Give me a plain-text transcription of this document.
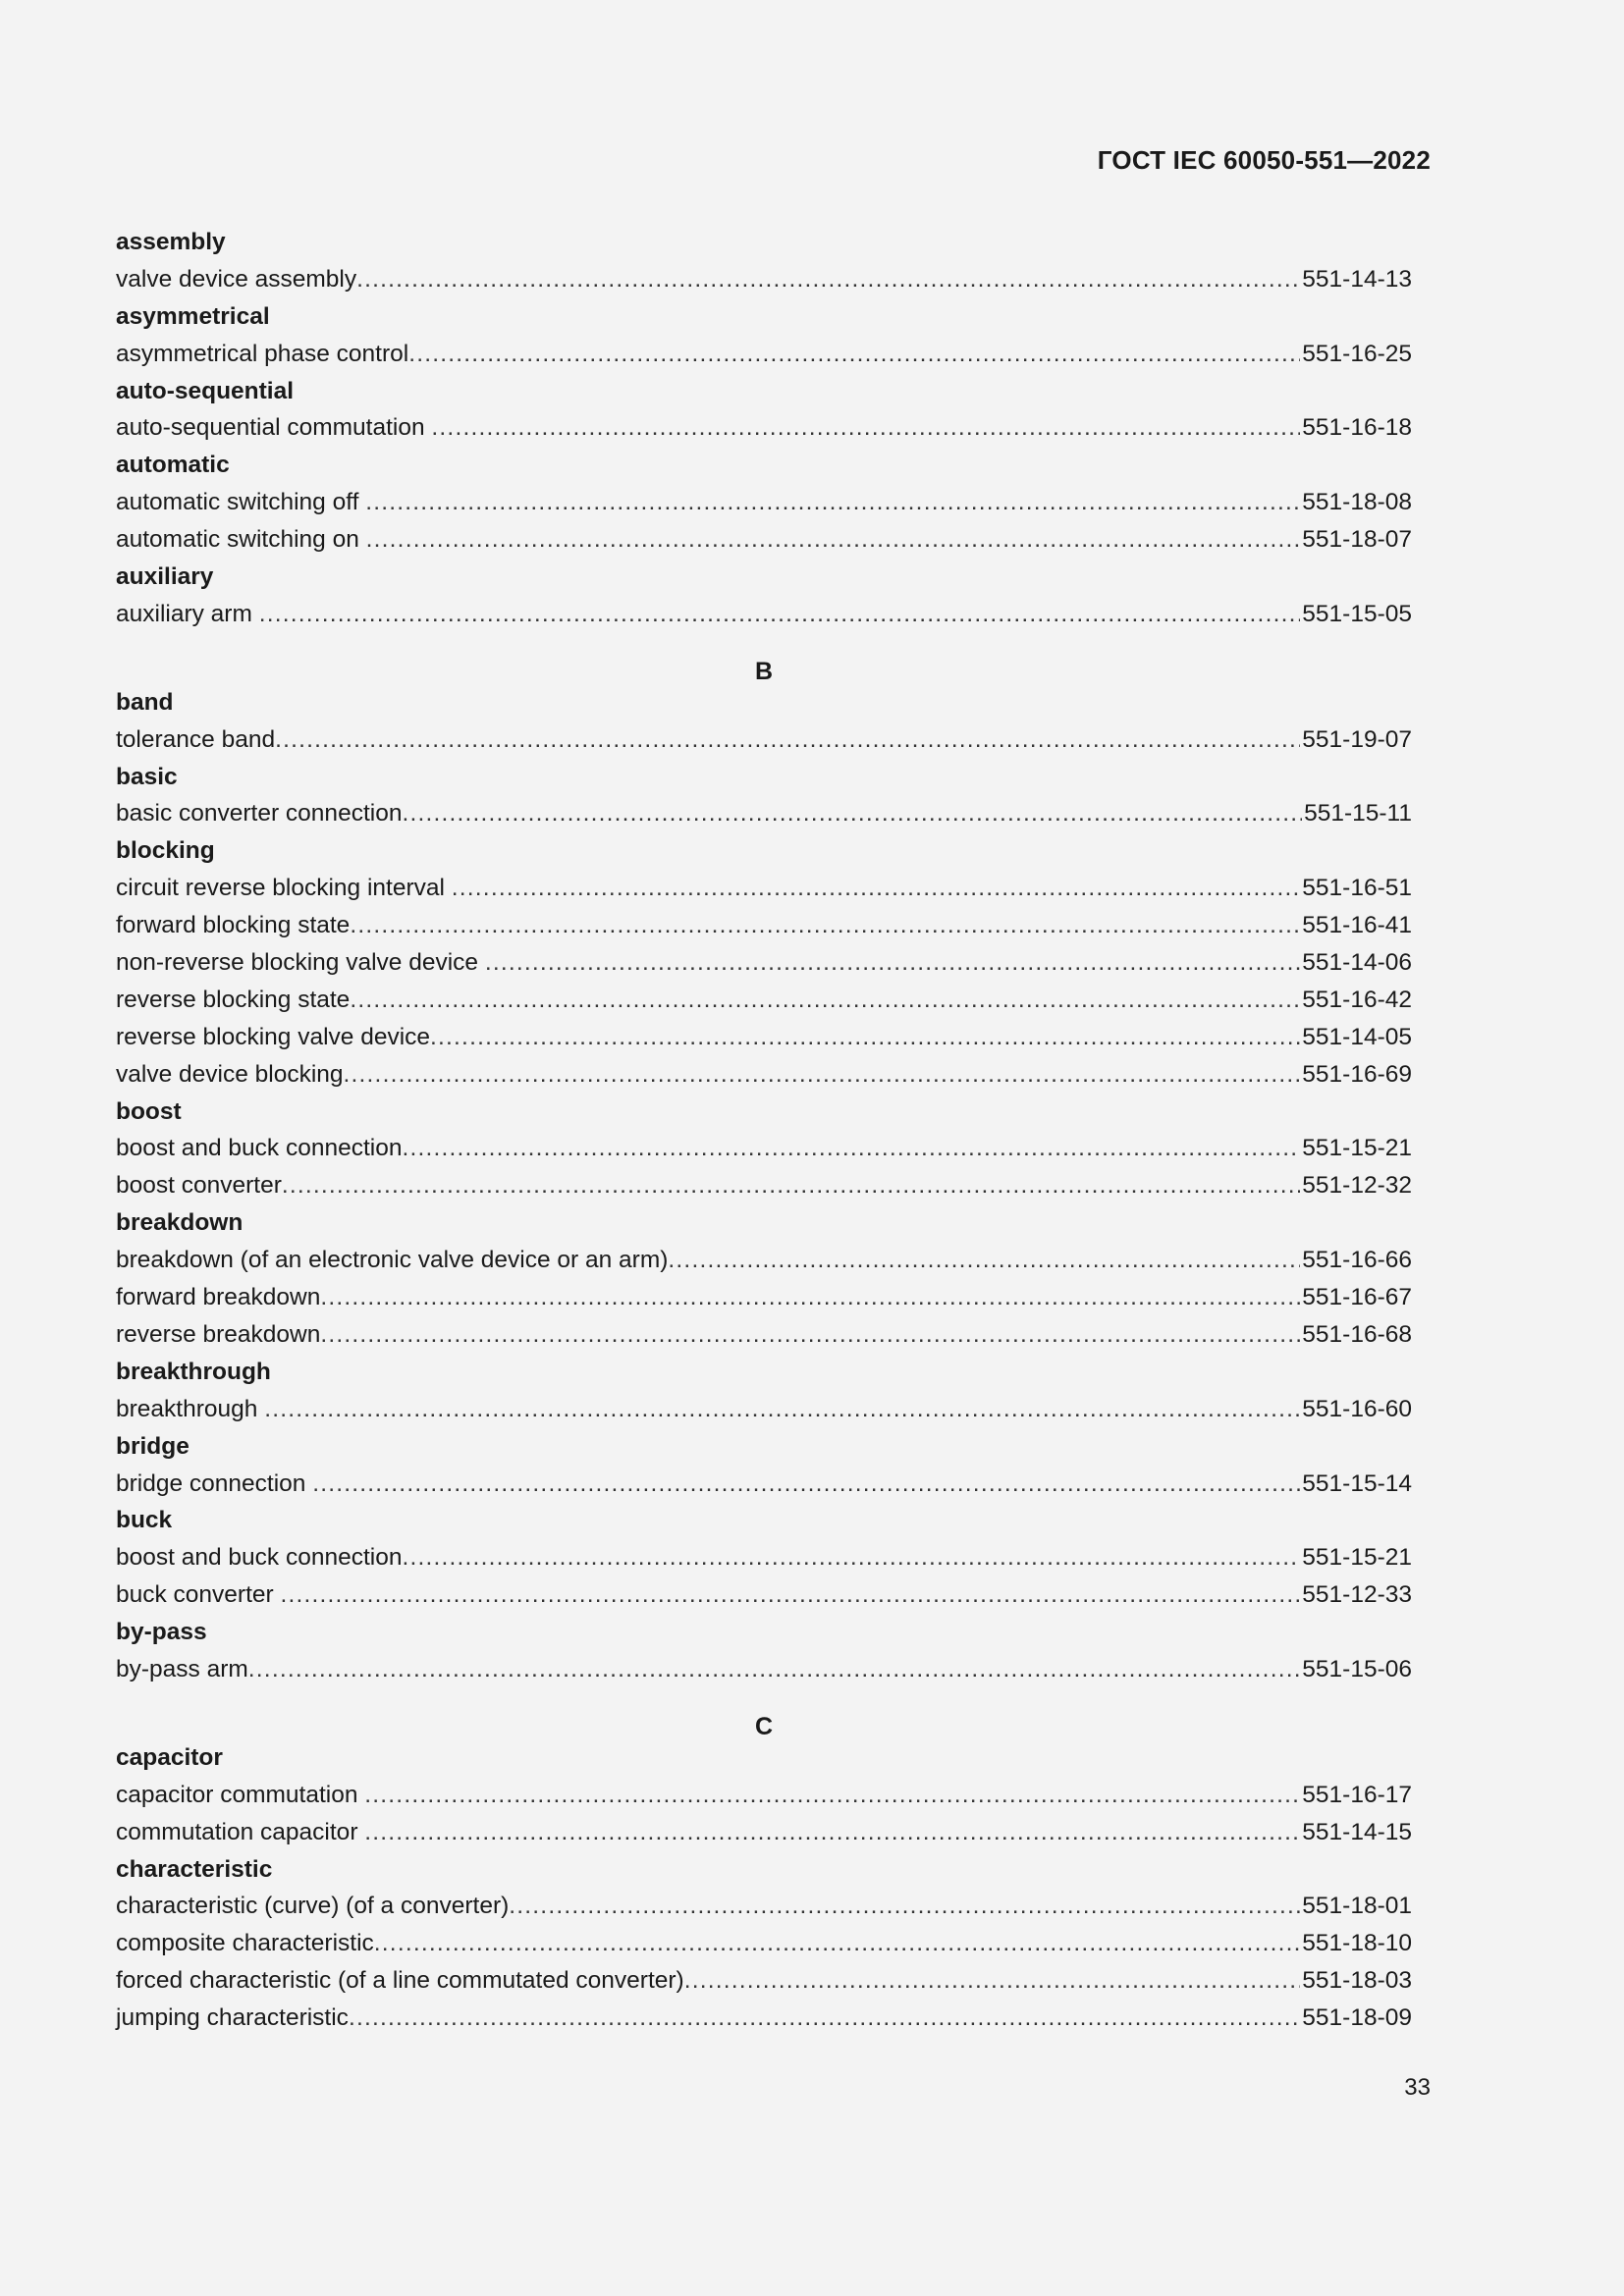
ГОСТ IEC 60050-551—2022
assembly
valve device assembly .....	551-14-13
asymmetrical
asymmetrical phase control .....	551-16-25
auto-sequential
auto-sequential commutation .....	551-16-18
automatic
automatic switching off .....	551-18-08
automatic switching on .....	551-18-07
auxiliary
auxiliary arm .....	551-15-05
B
band
tolerance band .....	551-19-07
basic
basic converter connection .....	551-15-11
blocking
circuit reverse blocking interval .....	551-16-51
forward blocking state .....	551-16-41
non-reverse blocking valve device .....	551-14-06
reverse blocking state .....	551-16-42
reverse blocking valve device .....	551-14-05
valve device blocking .....	551-16-69
boost
boost and buck connection .....	551-15-21
boost converter .....	551-12-32
breakdown
breakdown (of an electronic valve device or an arm) .....	551-16-66
forward breakdown .....	551-16-67
reverse breakdown .....	551-16-68
breakthrough
breakthrough .....	551-16-60
bridge
bridge connection .....	551-15-14
buck
boost and buck connection .....	551-15-21
buck converter .....	551-12-33
by-pass
by-pass arm .....	551-15-06
C
capacitor
capacitor commutation .....	551-16-17
commutation capacitor .....	551-14-15
characteristic
characteristic (curve) (of a converter) .....	551-18-01
composite characteristic .....	551-18-10
forced characteristic (of a line commutated converter) .....	551-18-03
jumping characteristic .....	551-18-09
33
